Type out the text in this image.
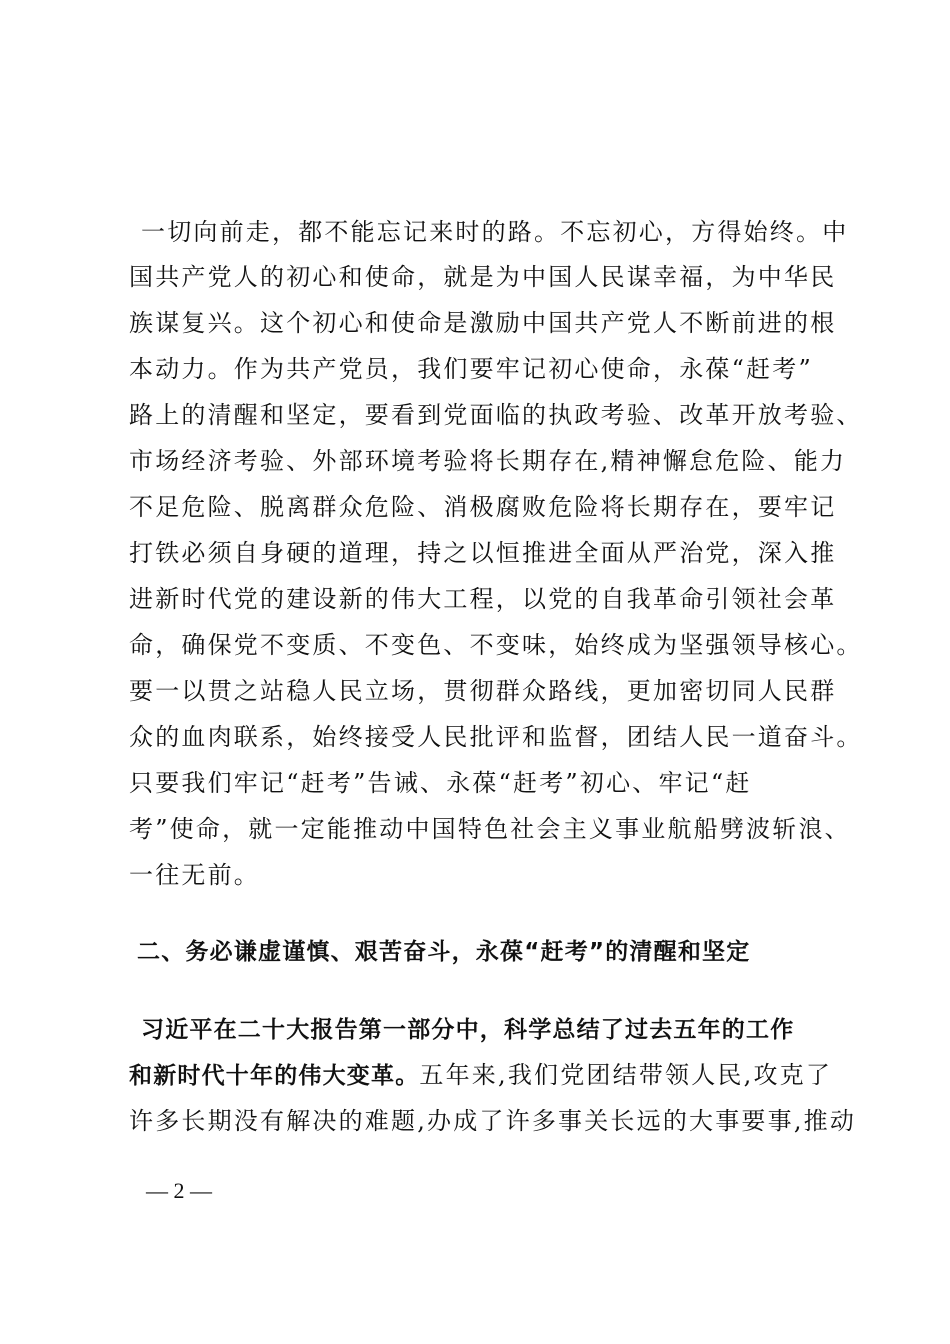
一切向前走，都不能忘记来时的路。不忘初心，方得始终。中
国共产党人的初心和使命，就是为中国人民谋幸福，为中华民
族谋复兴。这个初心和使命是激励中国共产党人不断前进的根
本动力。作为共产党员，我们要牢记初心使命，永葆“赶考”
路上的清醒和坚定，要看到党面临的执政考验、改革开放考验、
市场经济考验、外部环境考验将长期存在,精神懈怠危险、能力
不足危险、脱离群众危险、消极腐败危险将长期存在，要牢记
打铁必须自身硬的道理，持之以恒推进全面从严治党，深入推
进新时代党的建设新的伟大工程，以党的自我革命引领社会革
命，确保党不变质、不变色、不变味，始终成为坚强领导核心。
要一以贯之站稳人民立场，贯彻群众路线，更加密切同人民群
众的血肉联系，始终接受人民批评和监督，团结人民一道奋斗。
只要我们牢记“赶考”告诫、永葆“赶考”初心、牢记“赶
考”使命，就一定能推动中国特色社会主义事业航船劈波斩浪、
一往无前。
二、务必谦虚谨慎、艰苦奋斗，永葆“赶考”的清醒和坚定
习近平在二十大报告第一部分中，科学总结了过去五年的工作
和新时代十年的伟大变革。五年来,我们党团结带领人民,攻克了
许多长期没有解决的难题,办成了许多事关长远的大事要事,推动
— 2 —
